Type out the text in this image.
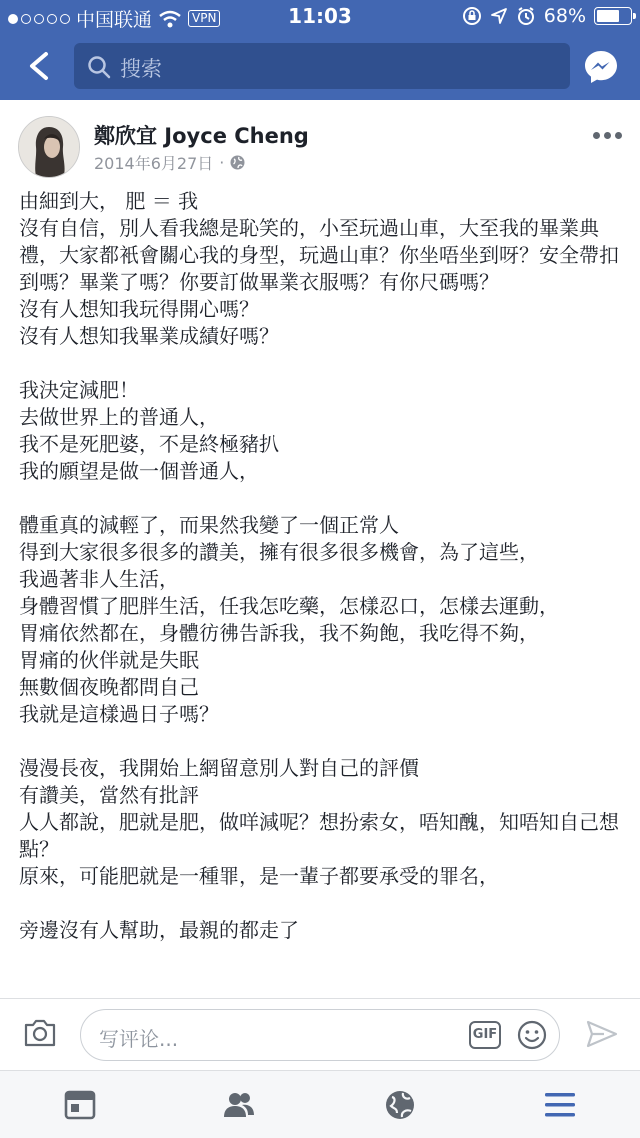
中国联通	VPN	11:03	68%
搜索
鄭欣宜 Joyce Cheng
2014年6月27日 ·

由細到大， 肥 ＝ 我

沒有自信，別人看我總是恥笑的，小至玩過山車，大至我的畢業典禮，大家都衹會關心我的身型，玩過山車？你坐唔坐到呀？安全帶扣到嗎？畢業了嗎？你要訂做畢業衣服嗎？有你尺碼嗎？

沒有人想知我玩得開心嗎？

沒有人想知我畢業成績好嗎？

我決定減肥！

去做世界上的普通人，

我不是死肥婆，不是終極豬扒

我的願望是做一個普通人，

體重真的減輕了，而果然我變了一個正常人

得到大家很多很多的讚美，擁有很多很多機會，為了這些，

我過著非人生活，

身體習慣了肥胖生活，任我怎吃藥，怎樣忍口，怎樣去運動，

胃痛依然都在，身體彷彿告訴我，我不夠飽，我吃得不夠，

胃痛的伙伴就是失眠

無數個夜晚都問自己

我就是這樣過日子嗎？

漫漫長夜，我開始上網留意別人對自己的評價

有讚美，當然有批評

人人都說，肥就是肥，做咩減呢？想扮索女，唔知醜，知唔知自己想點？

原來，可能肥就是一種罪，是一輩子都要承受的罪名，

旁邊沒有人幫助，最親的都走了

写评论...	GIF
